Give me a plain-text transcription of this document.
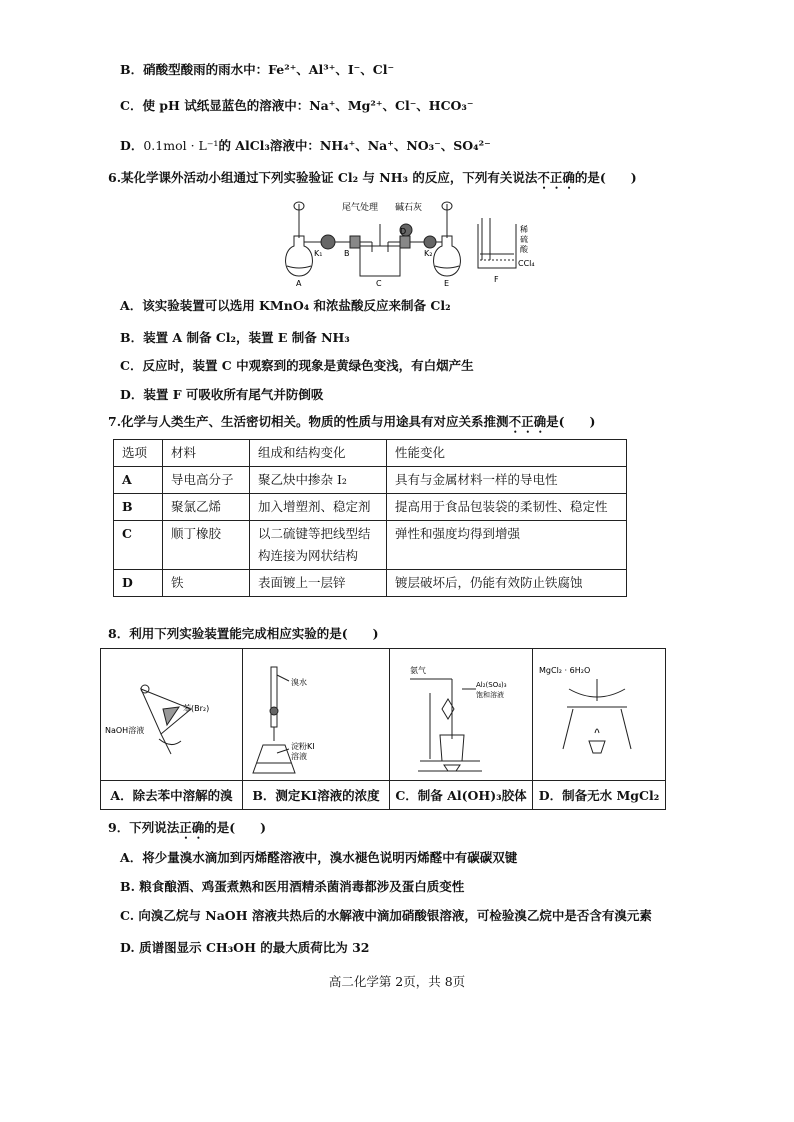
B．硝酸型酸雨的雨水中：Fe²⁺、Al³⁺、I⁻、Cl⁻
C．使 pH 试纸显蓝色的溶液中：Na⁺、Mg²⁺、Cl⁻、HCO₃⁻
D．0.1mol · L⁻¹的 AlCl₃溶液中：NH₄⁺、Na⁺、NO₃⁻、SO₄²⁻
6.某化学课外活动小组通过下列实验验证 Cl₂ 与 NH₃ 的反应，下列有关说法不正确的是(　　)
尾气处理 碱石灰
K₁	B
D
K₂
A	C	E	F
稀
硫
酸
CCl₄
A．该实验装置可以选用 KMnO₄ 和浓盐酸反应来制备 Cl₂
B．装置 A 制备 Cl₂，装置 E 制备 NH₃
C．反应时，装置 C 中观察到的现象是黄绿色变浅，有白烟产生
D．装置 F 可吸收所有尾气并防倒吸
7.化学与人类生产、生活密切相关。物质的性质与用途具有对应关系推测不正确是(　　)
选项	材料	组成和结构变化	性能变化
A	导电高分子	聚乙炔中掺杂 I₂	具有与金属材料一样的导电性
B	聚氯乙烯	加入增塑剂、稳定剂	提高用于食品包装袋的柔韧性、稳定性
C	顺丁橡胶	以二硫键等把线型结构连接为网状结构	弹性和强度均得到增强
D	铁	表面镀上一层锌	镀层破坏后，仍能有效防止铁腐蚀
8．利用下列实验装置能完成相应实验的是(　　)
苯(Br₂)
NaOH溶液	溴水
淀粉KI
溶液	氨气
Al₂(SO₄)₃
饱和溶液	MgCl₂ · 6H₂O

A．除去苯中溶解的溴	B．测定KI溶液的浓度	C．制备 Al(OH)₃胶体	D．制备无水 MgCl₂
9．下列说法正确的是(　　)
A．将少量溴水滴加到丙烯醛溶液中，溴水褪色说明丙烯醛中有碳碳双键
B. 粮食酿酒、鸡蛋煮熟和医用酒精杀菌消毒都涉及蛋白质变性
C. 向溴乙烷与 NaOH 溶液共热后的水解液中滴加硝酸银溶液，可检验溴乙烷中是否含有溴元素
D. 质谱图显示 CH₃OH 的最大质荷比为 32
高二化学第 2页，共 8页
